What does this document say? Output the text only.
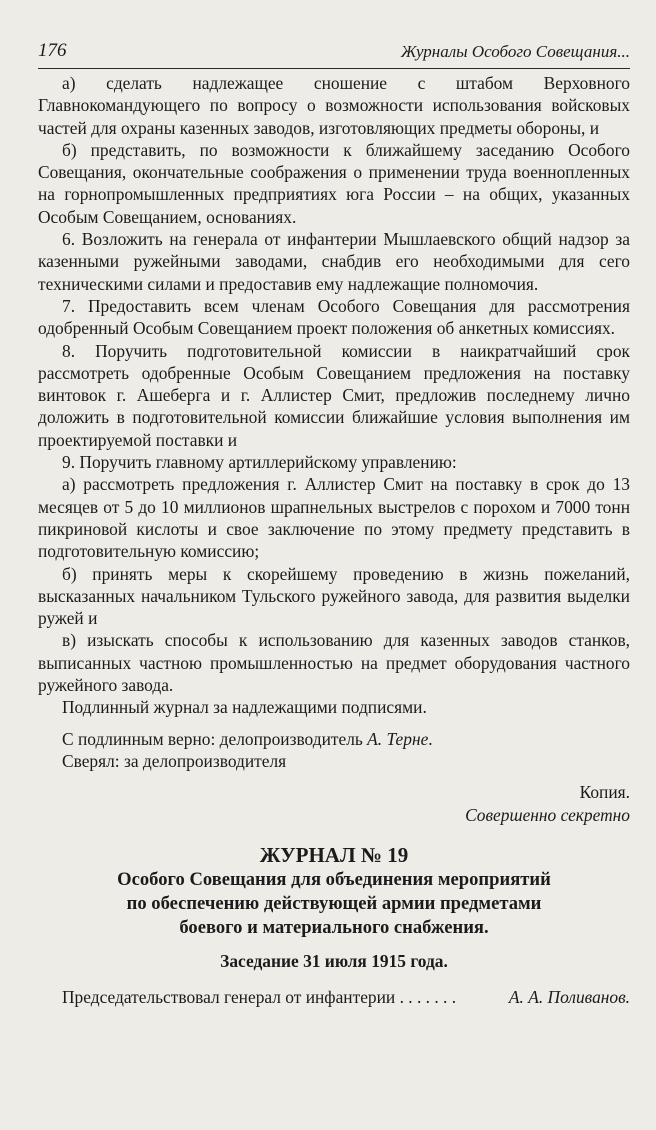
176	Журналы Особого Совещания...

а) сделать надлежащее сношение с штабом Верховного Главнокомандующего по вопросу о возможности использования войсковых частей для охраны казенных заводов, изготовляющих предметы обороны, и

б) представить, по возможности к ближайшему заседанию Особого Совещания, окончательные соображения о применении труда военнопленных на горнопромышленных предприятиях юга России – на общих, указанных Особым Совещанием, основаниях.

6. Возложить на генерала от инфантерии Мышлаевского общий надзор за казенными ружейными заводами, снабдив его необходимыми для сего техническими силами и предоставив ему надлежащие полномочия.

7. Предоставить всем членам Особого Совещания для рассмотрения одобренный Особым Совещанием проект положения об анкетных комиссиях.

8. Поручить подготовительной комиссии в наикратчайший срок рассмотреть одобренные Особым Совещанием предложения на поставку винтовок г. Ашеберга и г. Аллистер Смит, предложив последнему лично доложить в подготовительной комиссии ближайшие условия выполнения им проектируемой поставки и

9. Поручить главному артиллерийскому управлению:

а) рассмотреть предложения г. Аллистер Смит на поставку в срок до 13 месяцев от 5 до 10 миллионов шрапнельных выстрелов с порохом и 7000 тонн пикриновой кислоты и свое заключение по этому предмету представить в подготовительную комиссию;

б) принять меры к скорейшему проведению в жизнь пожеланий, высказанных начальником Тульского ружейного завода, для развития выделки ружей и

в) изыскать способы к использованию для казенных заводов станков, выписанных частною промышленностью на предмет оборудования частного ружейного завода.

Подлинный журнал за надлежащими подписями.

С подлинным верно: делопроизводитель А. Терне.

Сверял: за делопроизводителя

Копия.

Совершенно секретно

ЖУРНАЛ № 19

Особого Совещания для объединения мероприятий

по обеспечению действующей армии предметами

боевого и материального снабжения.

Заседание 31 июля 1915 года.

Председательствовал генерал от инфантерии . . . . . . .	А. А. Поливанов.
